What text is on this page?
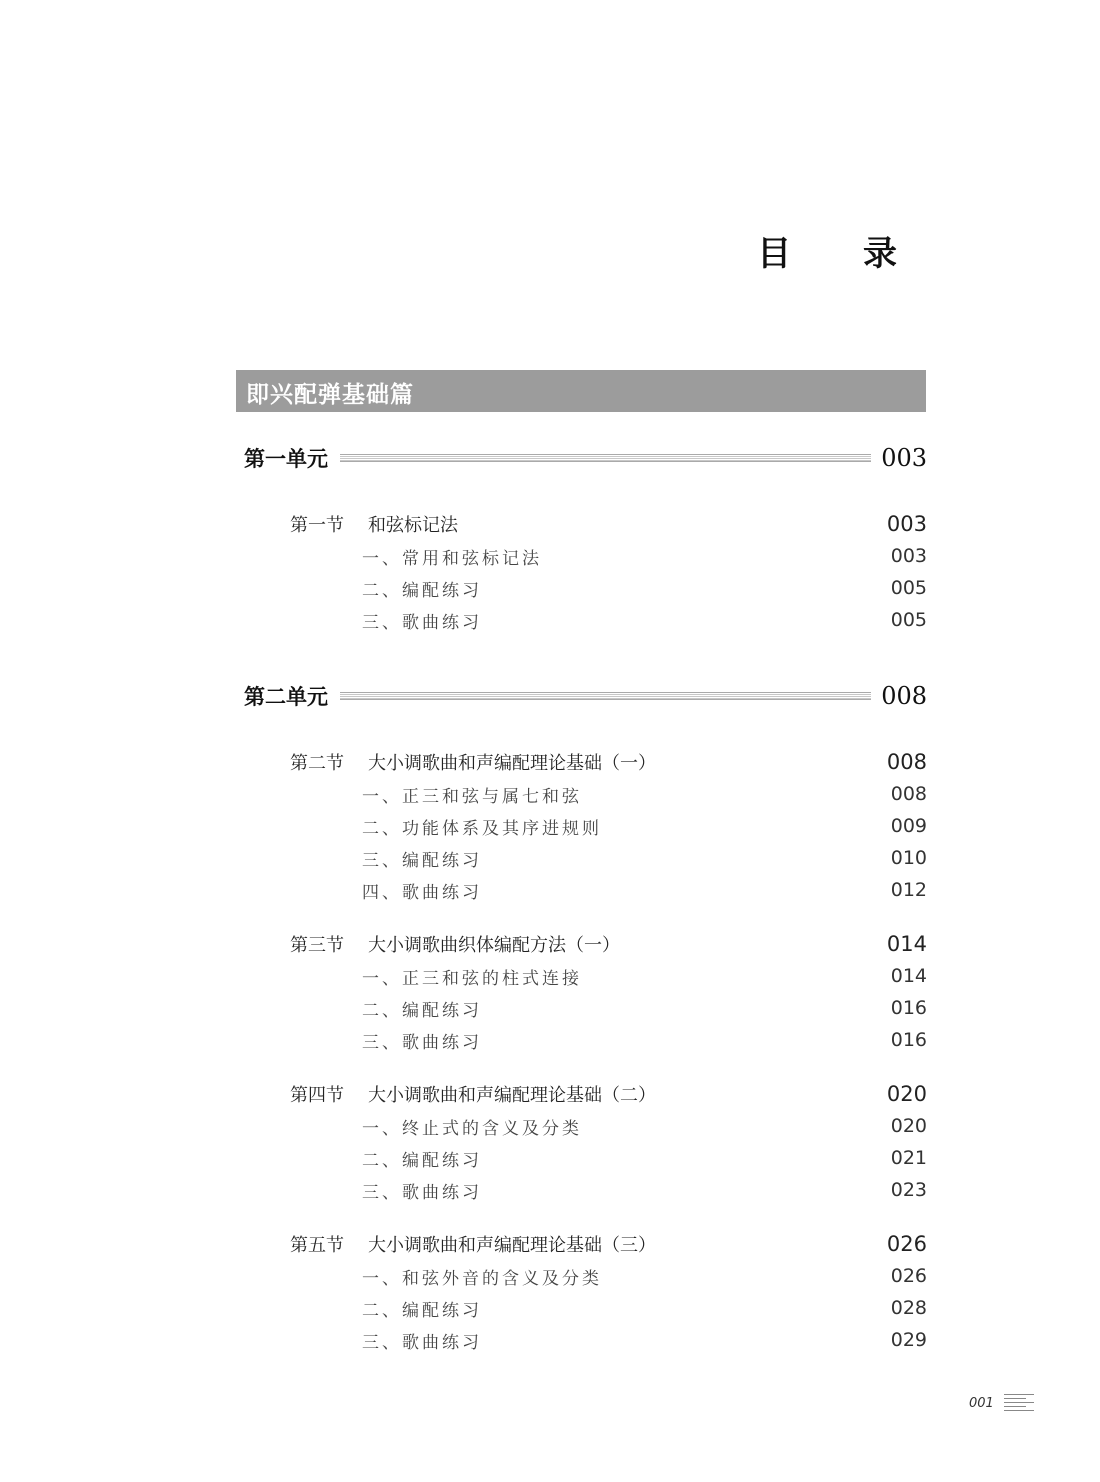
目 录
即兴配弹基础篇
第一单元	003
第一节 和弦标记法	003
一、常用和弦标记法	003
二、编配练习	005
三、歌曲练习	005
第二单元	008
第二节 大小调歌曲和声编配理论基础（一）	008
一、正三和弦与属七和弦	008
二、功能体系及其序进规则	009
三、编配练习	010
四、歌曲练习	012
第三节 大小调歌曲织体编配方法（一）	014
一、正三和弦的柱式连接	014
二、编配练习	016
三、歌曲练习	016
第四节 大小调歌曲和声编配理论基础（二）	020
一、终止式的含义及分类	020
二、编配练习	021
三、歌曲练习	023
第五节 大小调歌曲和声编配理论基础（三）	026
一、和弦外音的含义及分类	026
二、编配练习	028
三、歌曲练习	029
001
